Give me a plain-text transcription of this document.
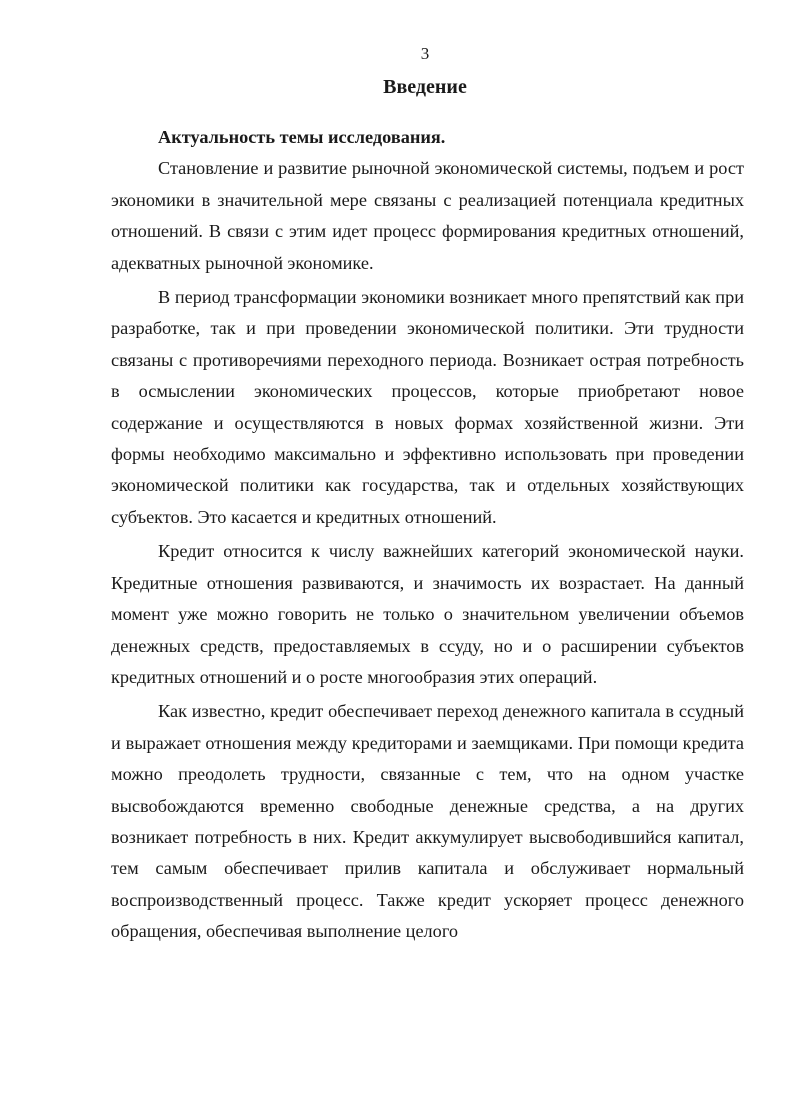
3
Введение

Актуальность темы исследования.

Становление и развитие рыночной экономической системы, подъем и рост экономики в значительной мере связаны с реализацией потенциала кредитных отношений. В связи с этим идет процесс формирования кредитных отношений, адекватных рыночной экономике.

В период трансформации экономики возникает много препятствий как при разработке, так и при проведении экономической политики. Эти трудности связаны с противоречиями переходного периода. Возникает острая потребность в осмыслении экономических процессов, которые приобретают новое содержание и осуществляются в новых формах хозяйственной жизни. Эти формы необходимо максимально и эффективно использовать при проведении экономической политики как государства, так и отдельных хозяйствующих субъектов. Это касается и кредитных отношений.

Кредит относится к числу важнейших категорий экономической науки. Кредитные отношения развиваются, и значимость их возрастает. На данный момент уже можно говорить не только о значительном увеличении объемов денежных средств, предоставляемых в ссуду, но и о расширении субъектов кредитных отношений и о росте многообразия этих операций.

Как известно, кредит обеспечивает переход денежного капитала в ссудный и выражает отношения между кредиторами и заемщиками. При помощи кредита можно преодолеть трудности, связанные с тем, что на одном участке высвобождаются временно свободные денежные средства, а на других возникает потребность в них. Кредит аккумулирует высвободившийся капитал, тем самым обеспечивает прилив капитала и обслуживает нормальный воспроизводственный процесс. Также кредит ускоряет процесс денежного обращения, обеспечивая выполнение целого
